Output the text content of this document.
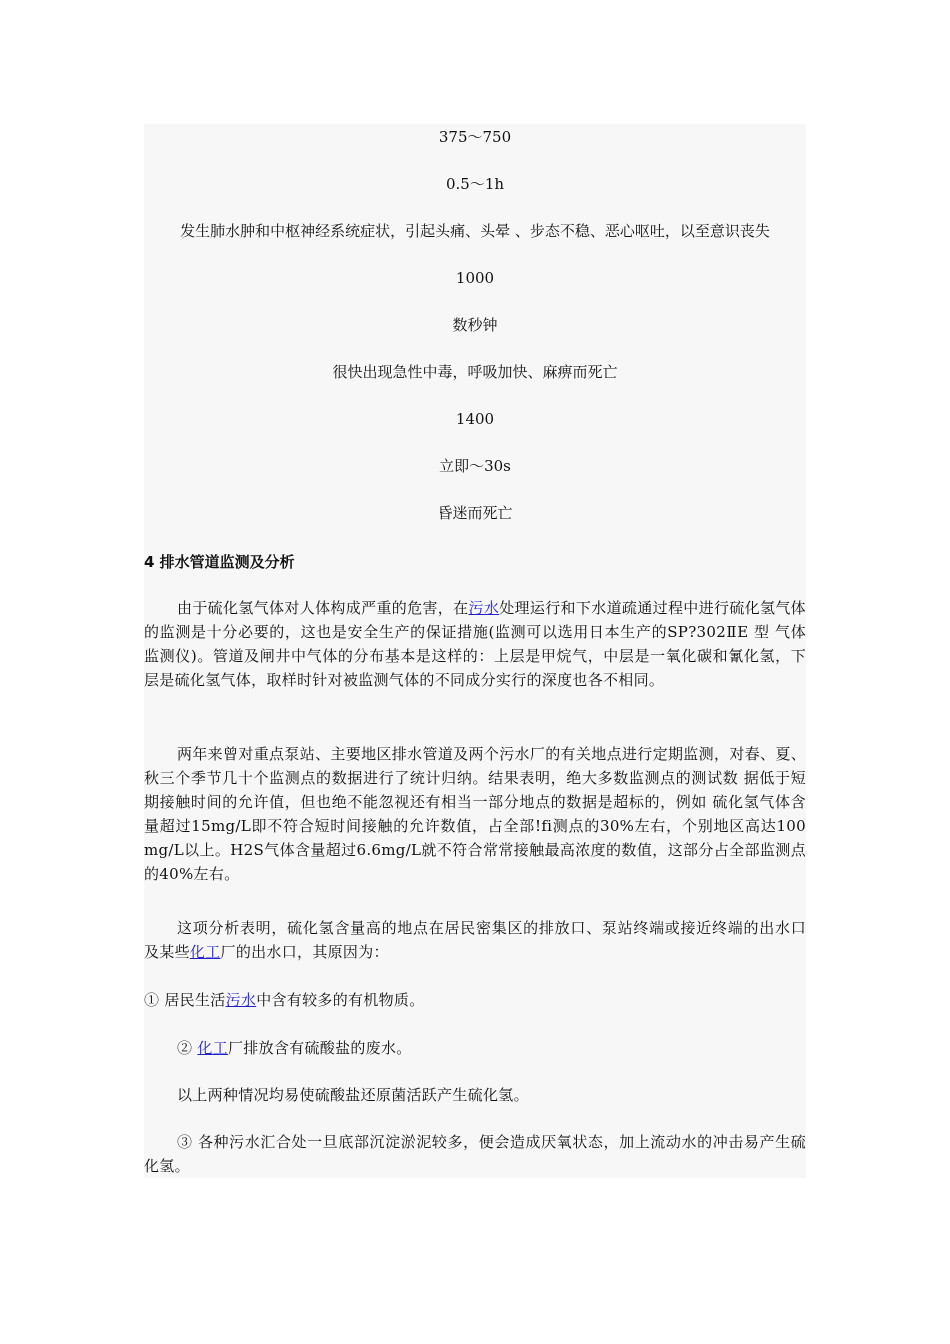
375～750
0.5～1h
发生肺水肿和中枢神经系统症状，引起头痛、头晕 、步态不稳、恶心呕吐，以至意识丧失
1000
数秒钟
很快出现急性中毒，呼吸加快、麻痹而死亡
1400
立即～30s
昏迷而死亡
4 排水管道监测及分析
由于硫化氢气体对人体构成严重的危害，在污水处理运行和下水道疏通过程中进行硫化氢气体的监测是十分必要的，这也是安全生产的保证措施(监测可以选用日本生产的SP?302ⅡE 型 气体监测仪)。管道及闸井中气体的分布基本是这样的：上层是甲烷气，中层是一氧化碳和氰化氢，下层是硫化氢气体，取样时针对被监测气体的不同成分实行的深度也各不相同。
两年来曾对重点泵站、主要地区排水管道及两个污水厂的有关地点进行定期监测，对春、夏、秋三个季节几十个监测点的数据进行了统计归纳。结果表明，绝大多数监测点的测试数 据低于短期接触时间的允许值，但也绝不能忽视还有相当一部分地点的数据是超标的，例如 硫化氢气体含量超过15mg/L即不符合短时间接触的允许数值，占全部!fi测点的30%左右，个别地区高达100 mg/L以上。H2S气体含量超过6.6mg/L就不符合常常接触最高浓度的数值，这部分占全部监测点的40%左右。
这项分析表明，硫化氢含量高的地点在居民密集区的排放口、泵站终端或接近终端的出水口 及某些化工厂的出水口，其原因为：
① 居民生活污水中含有较多的有机物质。
② 化工厂排放含有硫酸盐的废水。
以上两种情况均易使硫酸盐还原菌活跃产生硫化氢。
③ 各种污水汇合处一旦底部沉淀淤泥较多，便会造成厌氧状态，加上流动水的冲击易产生硫化氢。
